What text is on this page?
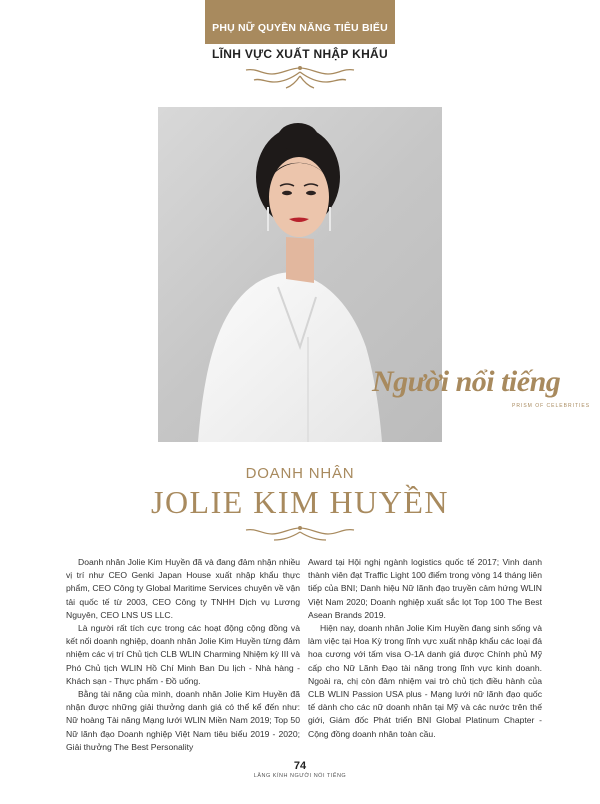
PHỤ NỮ QUYỀN NĂNG TIÊU BIỂU
LĨNH VỰC XUẤT NHẬP KHẨU
Người nổi tiếng
PRISM OF CELEBRITIES
DOANH NHÂN
JOLIE KIM HUYỀN

Doanh nhân Jolie Kim Huyền đã và đang đảm nhận nhiều vị trí như CEO Genki Japan House xuất nhập khẩu thực phẩm, CEO Công ty Global Maritime Services chuyên về vận tải quốc tế từ 2003, CEO Công ty TNHH Dịch vụ Lương Nguyên, CEO LNS US LLC.

Là người rất tích cực trong các hoạt động cộng đồng và kết nối doanh nghiệp, doanh nhân Jolie Kim Huyền từng đảm nhiệm các vị trí Chủ tịch CLB WLIN Charming Nhiệm kỳ III và Phó Chủ tịch WLIN Hồ Chí Minh Ban Du lịch - Nhà hàng - Khách sạn - Thực phẩm - Đồ uống.

Bằng tài năng của mình, doanh nhân Jolie Kim Huyền đã nhận được những giải thưởng danh giá có thể kể đến như: Nữ hoàng Tài năng Mạng lưới WLIN Miền Nam 2019; Top 50 Nữ lãnh đạo Doanh nghiệp Việt Nam tiêu biểu 2019 - 2020; Giải thưởng The Best Personality

Award tại Hội nghị ngành logistics quốc tế 2017; Vinh danh thành viên đạt Traffic Light 100 điểm trong vòng 14 tháng liên tiếp của BNI; Danh hiệu Nữ lãnh đạo truyền cảm hứng WLIN Việt Nam 2020; Doanh nghiệp xuất sắc lọt Top 100 The Best Asean Brands 2019.

Hiện nay, doanh nhân Jolie Kim Huyền đang sinh sống và làm việc tại Hoa Kỳ trong lĩnh vực xuất nhập khẩu các loại đá hoa cương với tấm visa O-1A danh giá được Chính phủ Mỹ cấp cho Nữ Lãnh Đạo tài năng trong lĩnh vực kinh doanh. Ngoài ra, chị còn đảm nhiệm vai trò chủ tịch điều hành của CLB WLIN Passion USA plus - Mạng lưới nữ lãnh đạo quốc tế dành cho các nữ doanh nhân tại Mỹ và các nước trên thế giới, Giám đốc Phát triển BNI Global Platinum Chapter - Cộng đồng doanh nhân toàn cầu.

74
LĂNG KÍNH NGƯỜI NỔI TIẾNG
